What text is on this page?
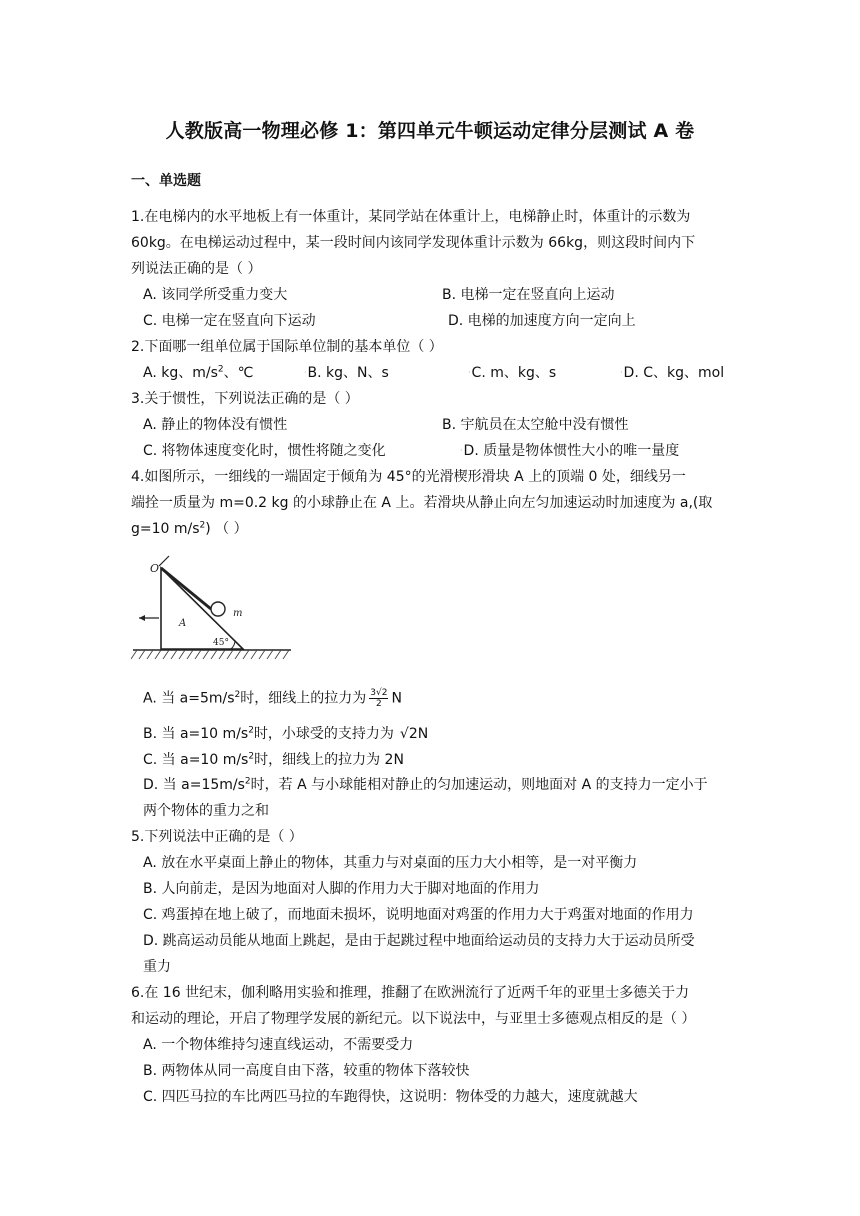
人教版高一物理必修 1：第四单元牛顿运动定律分层测试 A 卷
一、单选题
1.在电梯内的水平地板上有一体重计，某同学站在体重计上，电梯静止时，体重计的示数为
60kg。在电梯运动过程中，某一段时间内该同学发现体重计示数为 66kg，则这段时间内下
列说法正确的是（ ）
A. 该同学所受重力变大	B. 电梯一定在竖直向上运动
C. 电梯一定在竖直向下运动	D. 电梯的加速度方向一定向上
2.下面哪一组单位属于国际单位制的基本单位（ ）
A. kg、$m/s^2$、℃	·B. kg、N、s	·C. m、kg、s	·D. C、kg、mol
3.关于惯性，下列说法正确的是（ ）
A. 静止的物体没有惯性	B. 宇航员在太空舱中没有惯性
C. 将物体速度变化时，惯性将随之变化	·D. 质量是物体惯性大小的唯一量度
4.如图所示，一细线的一端固定于倾角为 45°的光滑楔形滑块 A 上的顶端 0 处，细线另一
端拴一质量为 m=0.2 kg 的小球静止在 A 上。若滑块从静止向左匀加速运动时加速度为 a,(取
g=10 $m/s^2$) （ ）
O
m
A
45°
A. 当 $a=5m/s^2$时，细线上的拉力为 $\frac{3√2}{2}$ N
B. 当 a=10 $m/s^2$时，小球受的支持力为 √2N
C. 当 a=10 $m/s^2$时，细线上的拉力为 2N
D. 当 $a=15m/s^2$时，若 A 与小球能相对静止的匀加速运动，则地面对 A 的支持力一定小于
两个物体的重力之和
5.下列说法中正确的是（ ）
A. 放在水平桌面上静止的物体，其重力与对桌面的压力大小相等，是一对平衡力
B. 人向前走，是因为地面对人脚的作用力大于脚对地面的作用力
C. 鸡蛋掉在地上破了，而地面未损坏，说明地面对鸡蛋的作用力大于鸡蛋对地面的作用力
D. 跳高运动员能从地面上跳起，是由于起跳过程中地面给运动员的支持力大于运动员所受
重力
6.在 16 世纪末，伽利略用实验和推理，推翻了在欧洲流行了近两千年的亚里士多德关于力
和运动的理论，开启了物理学发展的新纪元。以下说法中，与亚里士多德观点相反的是（ ）
A. 一个物体维持匀速直线运动，不需要受力
B. 两物体从同一高度自由下落，较重的物体下落较快
C. 四匹马拉的车比两匹马拉的车跑得快，这说明：物体受的力越大，速度就越大
